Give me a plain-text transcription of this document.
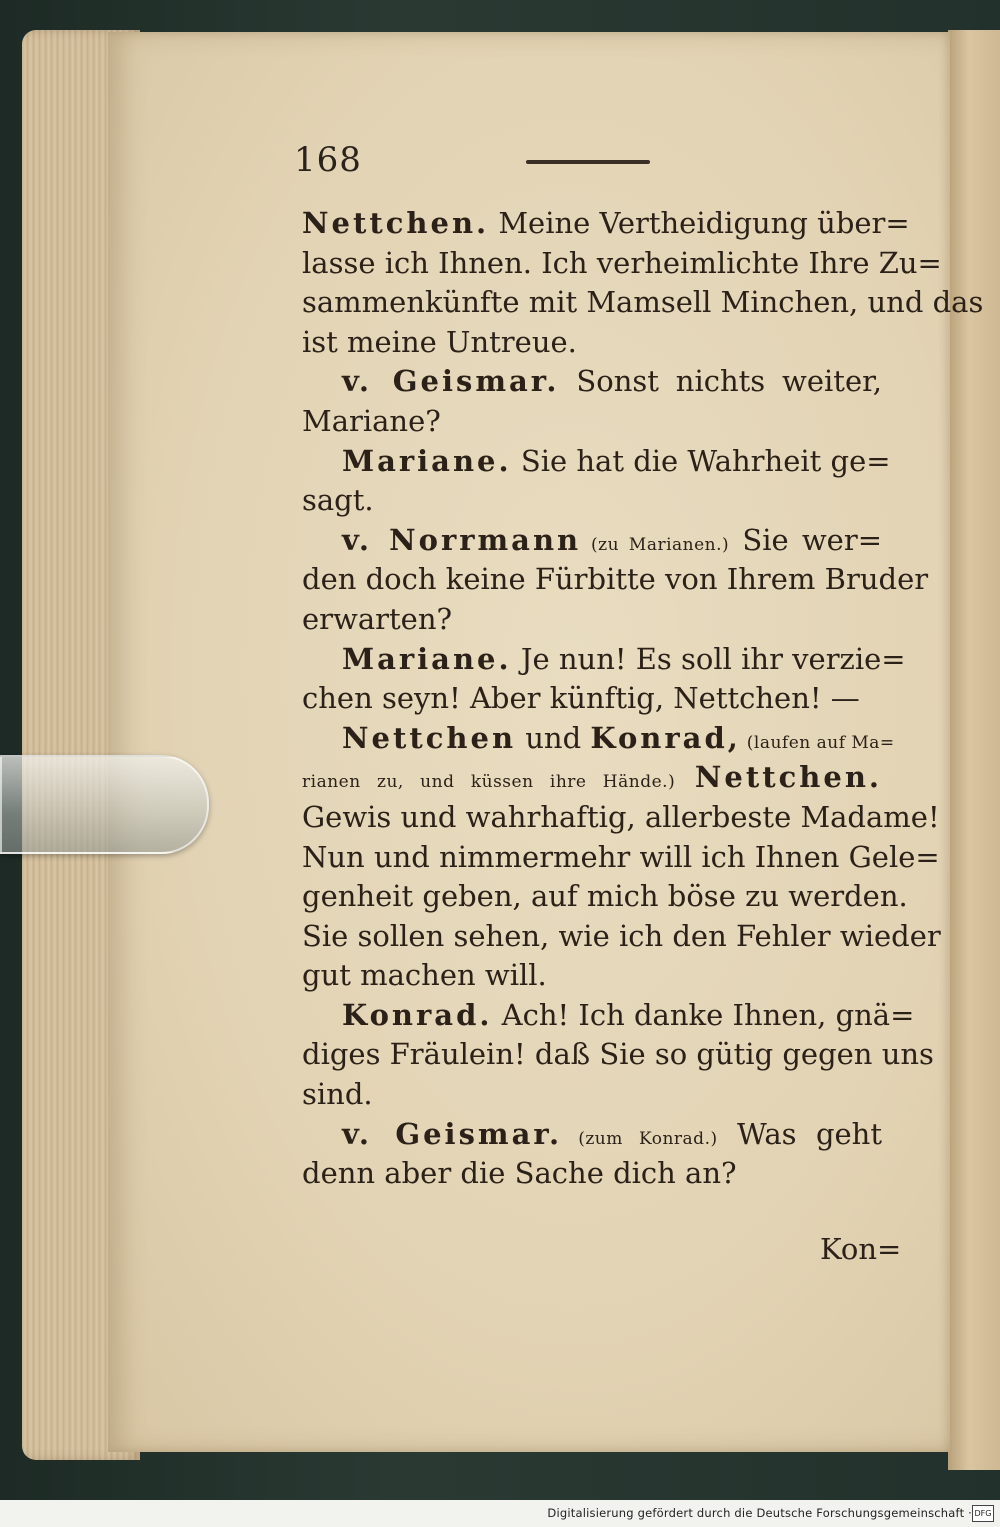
168
Nettchen. Meine Vertheidigung über=
lasse ich Ihnen. Ich verheimlichte Ihre Zu=
sammenkünfte mit Mamsell Minchen, und das
ist meine Untreue.
v. Geismar. Sonst nichts weiter,
Mariane?
Mariane. Sie hat die Wahrheit ge=
sagt.
v. Norrmann (zu Marianen.) Sie wer=
den doch keine Fürbitte von Ihrem Bruder
erwarten?
Mariane. Je nun! Es soll ihr verzie=
chen seyn! Aber künftig, Nettchen! —
Nettchen und Konrad, (laufen auf Ma=
rianen zu, und küssen ihre Hände.) Nettchen.
Gewis und wahrhaftig, allerbeste Madame!
Nun und nimmermehr will ich Ihnen Gele=
genheit geben, auf mich böse zu werden.
Sie sollen sehen, wie ich den Fehler wieder
gut machen will.
Konrad. Ach! Ich danke Ihnen, gnä=
diges Fräulein! daß Sie so gütig gegen uns
sind.
v. Geismar. (zum Konrad.) Was geht
denn aber die Sache dich an?
Kon=
Digitalisierung gefördert durch die Deutsche Forschungsgemeinschaft · DFG
